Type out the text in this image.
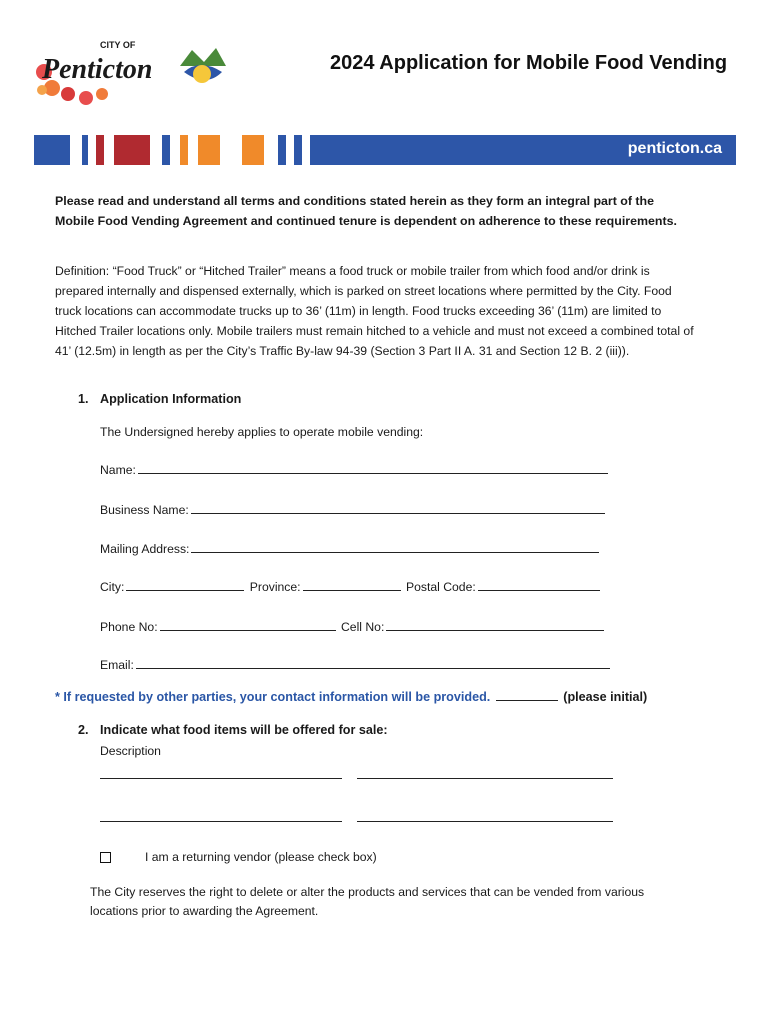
CITY OF
Penticton	2024 Application for Mobile Food Vending
penticton.ca
Please read and understand all terms and conditions stated herein as they form an integral part of the Mobile Food Vending Agreement and continued tenure is dependent on adherence to these requirements.
Definition: “Food Truck” or “Hitched Trailer” means a food truck or mobile trailer from which food and/or drink is prepared internally and dispensed externally, which is parked on street locations where permitted by the City. Food truck locations can accommodate trucks up to 36’ (11m) in length. Food trucks exceeding 36’ (11m) are limited to Hitched Trailer locations only. Mobile trailers must remain hitched to a vehicle and must not exceed a combined total of 41’ (12.5m) in length as per the City’s Traffic By-law 94-39 (Section 3 Part II A. 31 and Section 12 B. 2 (iii)).
1. Application Information
The Undersigned hereby applies to operate mobile vending:
Name:
Business Name:
Mailing Address:
City:	Province:	Postal Code:
Phone No:	Cell No:
Email:
* If requested by other parties, your contact information will be provided.	(please initial)
2. Indicate what food items will be offered for sale:
Description
I am a returning vendor (please check box)
The City reserves the right to delete or alter the products and services that can be vended from various locations prior to awarding the Agreement.
